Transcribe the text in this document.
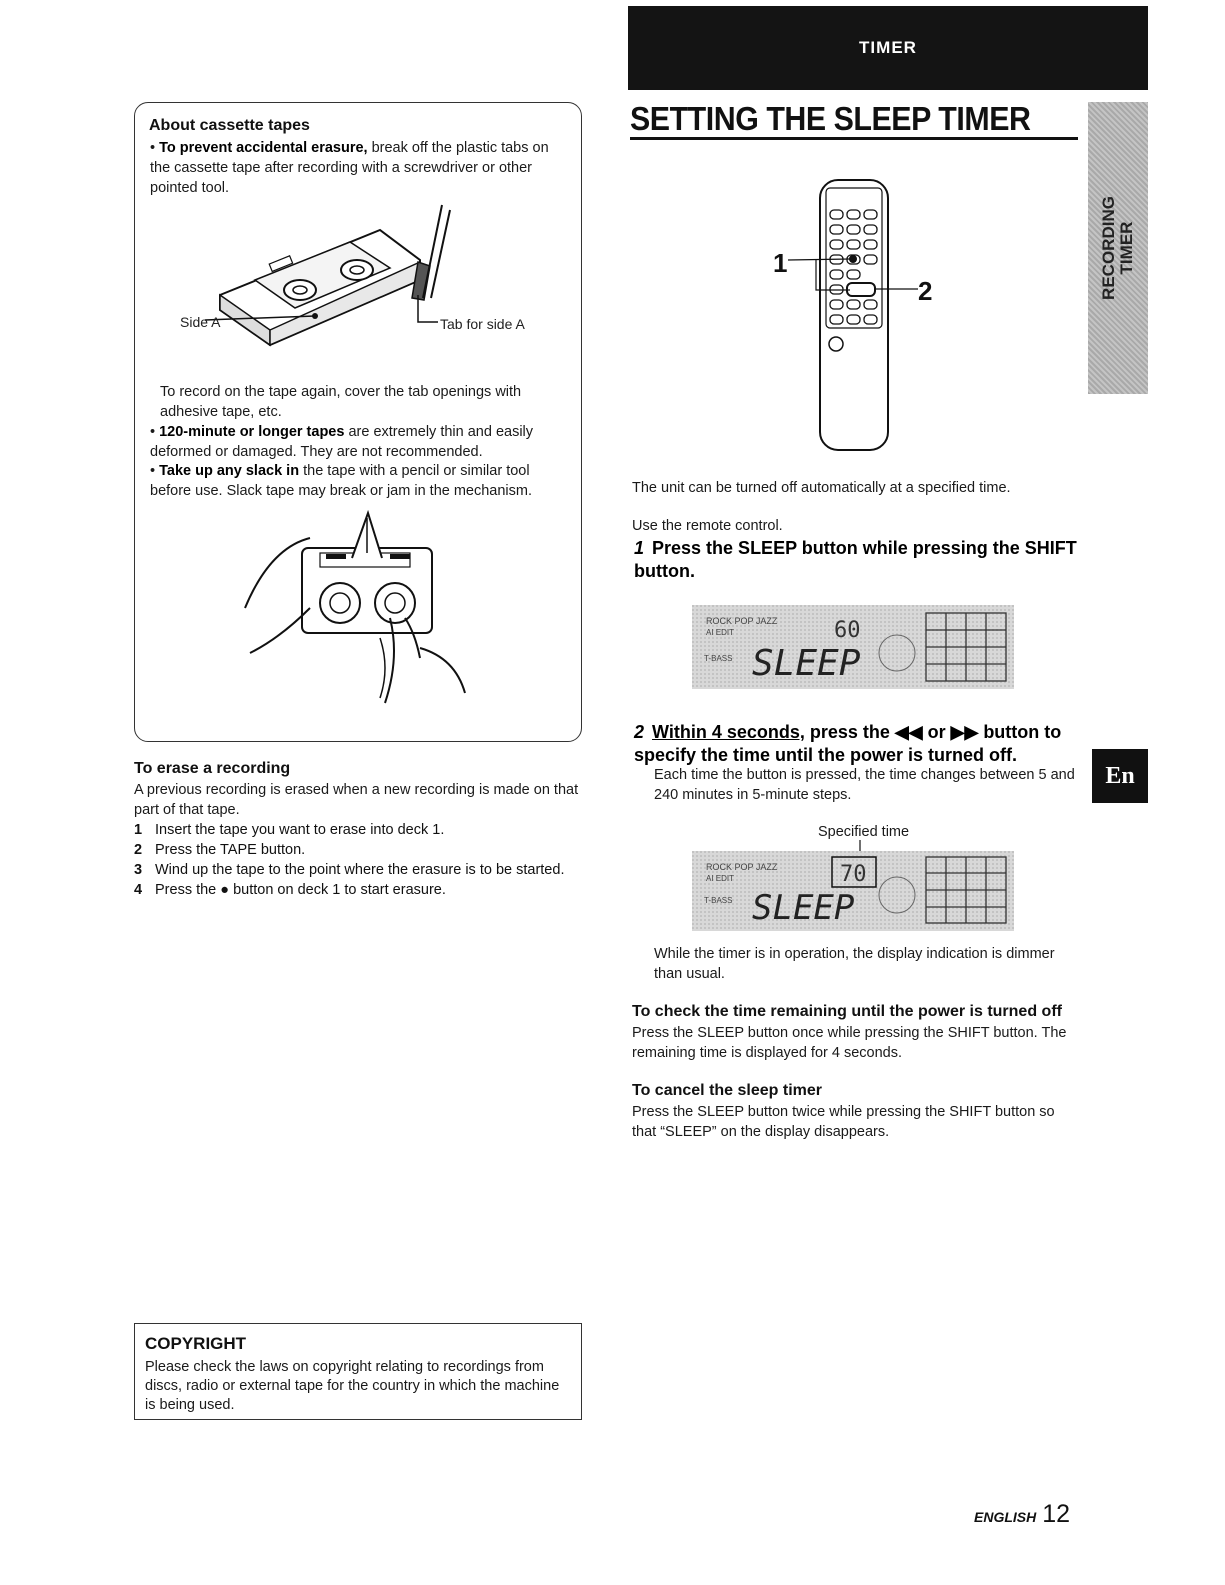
About cassette tapes
• To prevent accidental erasure, break off the plastic tabs on the cassette tape after recording with a screwdriver or other pointed tool.
Side A	Tab for side A
To record on the tape again, cover the tab openings with adhesive tape, etc.
• 120-minute or longer tapes are extremely thin and easily deformed or damaged. They are not recommended.
• Take up any slack in the tape with a pencil or similar tool before use. Slack tape may break or jam in the mechanism.
To erase a recording
A previous recording is erased when a new recording is made on that part of that tape.
1 Insert the tape you want to erase into deck 1.
2 Press the TAPE button.
3 Wind up the tape to the point where the erasure is to be started.
4 Press the ● button on deck 1 to start erasure.
COPYRIGHT
Please check the laws on copyright relating to recordings from discs, radio or external tape for the country in which the machine is being used.
TIMER
SETTING THE SLEEP TIMER
RECORDING TIMER
1
2
The unit can be turned off automatically at a specified time.
Use the remote control.
1 Press the SLEEP button while pressing the SHIFT button.
ROCK POP JAZZ
AI EDIT
T-BASS
60
SLEEP
2 Within 4 seconds, press the ◀◀ or ▶▶ button to specify the time until the power is turned off.
Each time the button is pressed, the time changes between 5 and 240 minutes in 5-minute steps.
En
Specified time
ROCK POP JAZZ
AI EDIT
T-BASS
70
SLEEP
While the timer is in operation, the display indication is dimmer than usual.
To check the time remaining until the power is turned off
Press the SLEEP button once while pressing the SHIFT button. The remaining time is displayed for 4 seconds.
To cancel the sleep timer
Press the SLEEP button twice while pressing the SHIFT button so that “SLEEP” on the display disappears.
ENGLISH 12
